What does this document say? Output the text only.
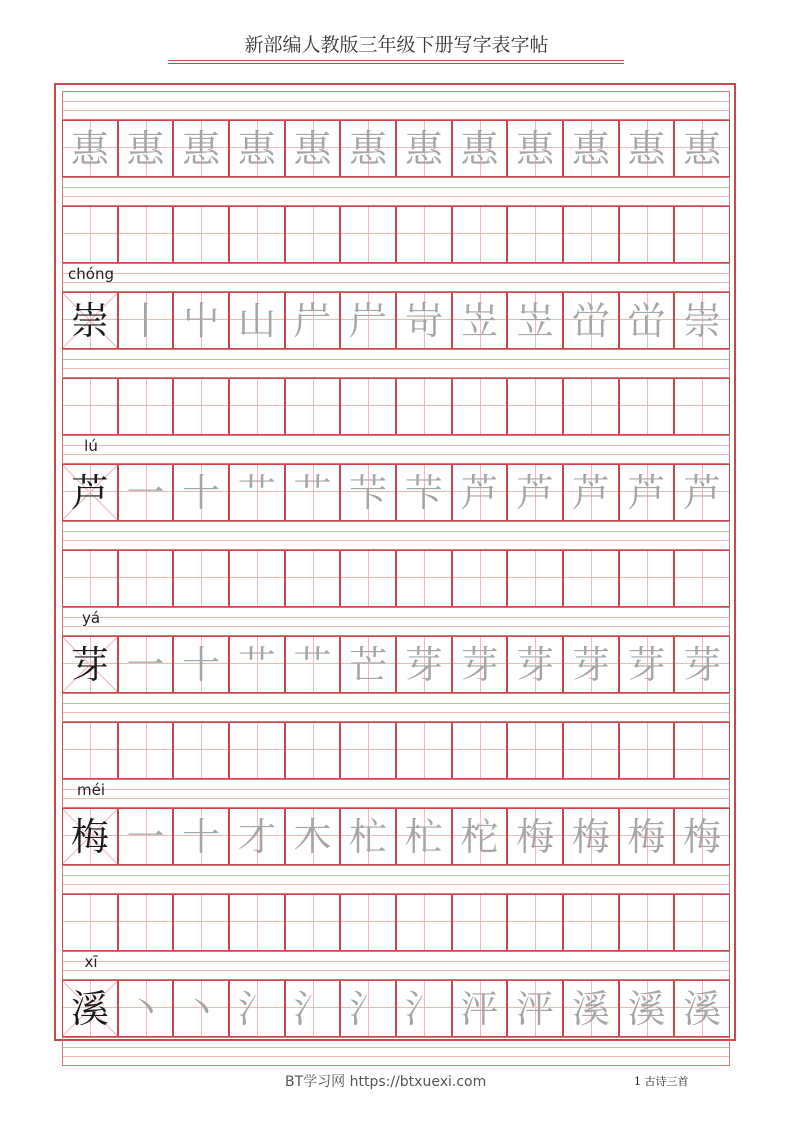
新部编人教版三年级下册写字表字帖
惠 惠 惠 惠 惠 惠 惠 惠 惠 惠 惠 惠
chóng
崇 丨 屮 山 屵 屵 岢 岦 岦 峃 峃 崇
lú
芦 一 十 艹 艹 芐 芐 芦 芦 芦 芦 芦
yá
芽 一 十 艹 艹 芒 芽 芽 芽 芽 芽 芽
méi
梅 一 十 才 木 杧 杧 柁 梅 梅 梅 梅
xī
溪 丶 丶 氵 氵 氵 氵 泙 泙 溪 溪 溪
BT学习网 https://btxuexi.com	1 古诗三首
